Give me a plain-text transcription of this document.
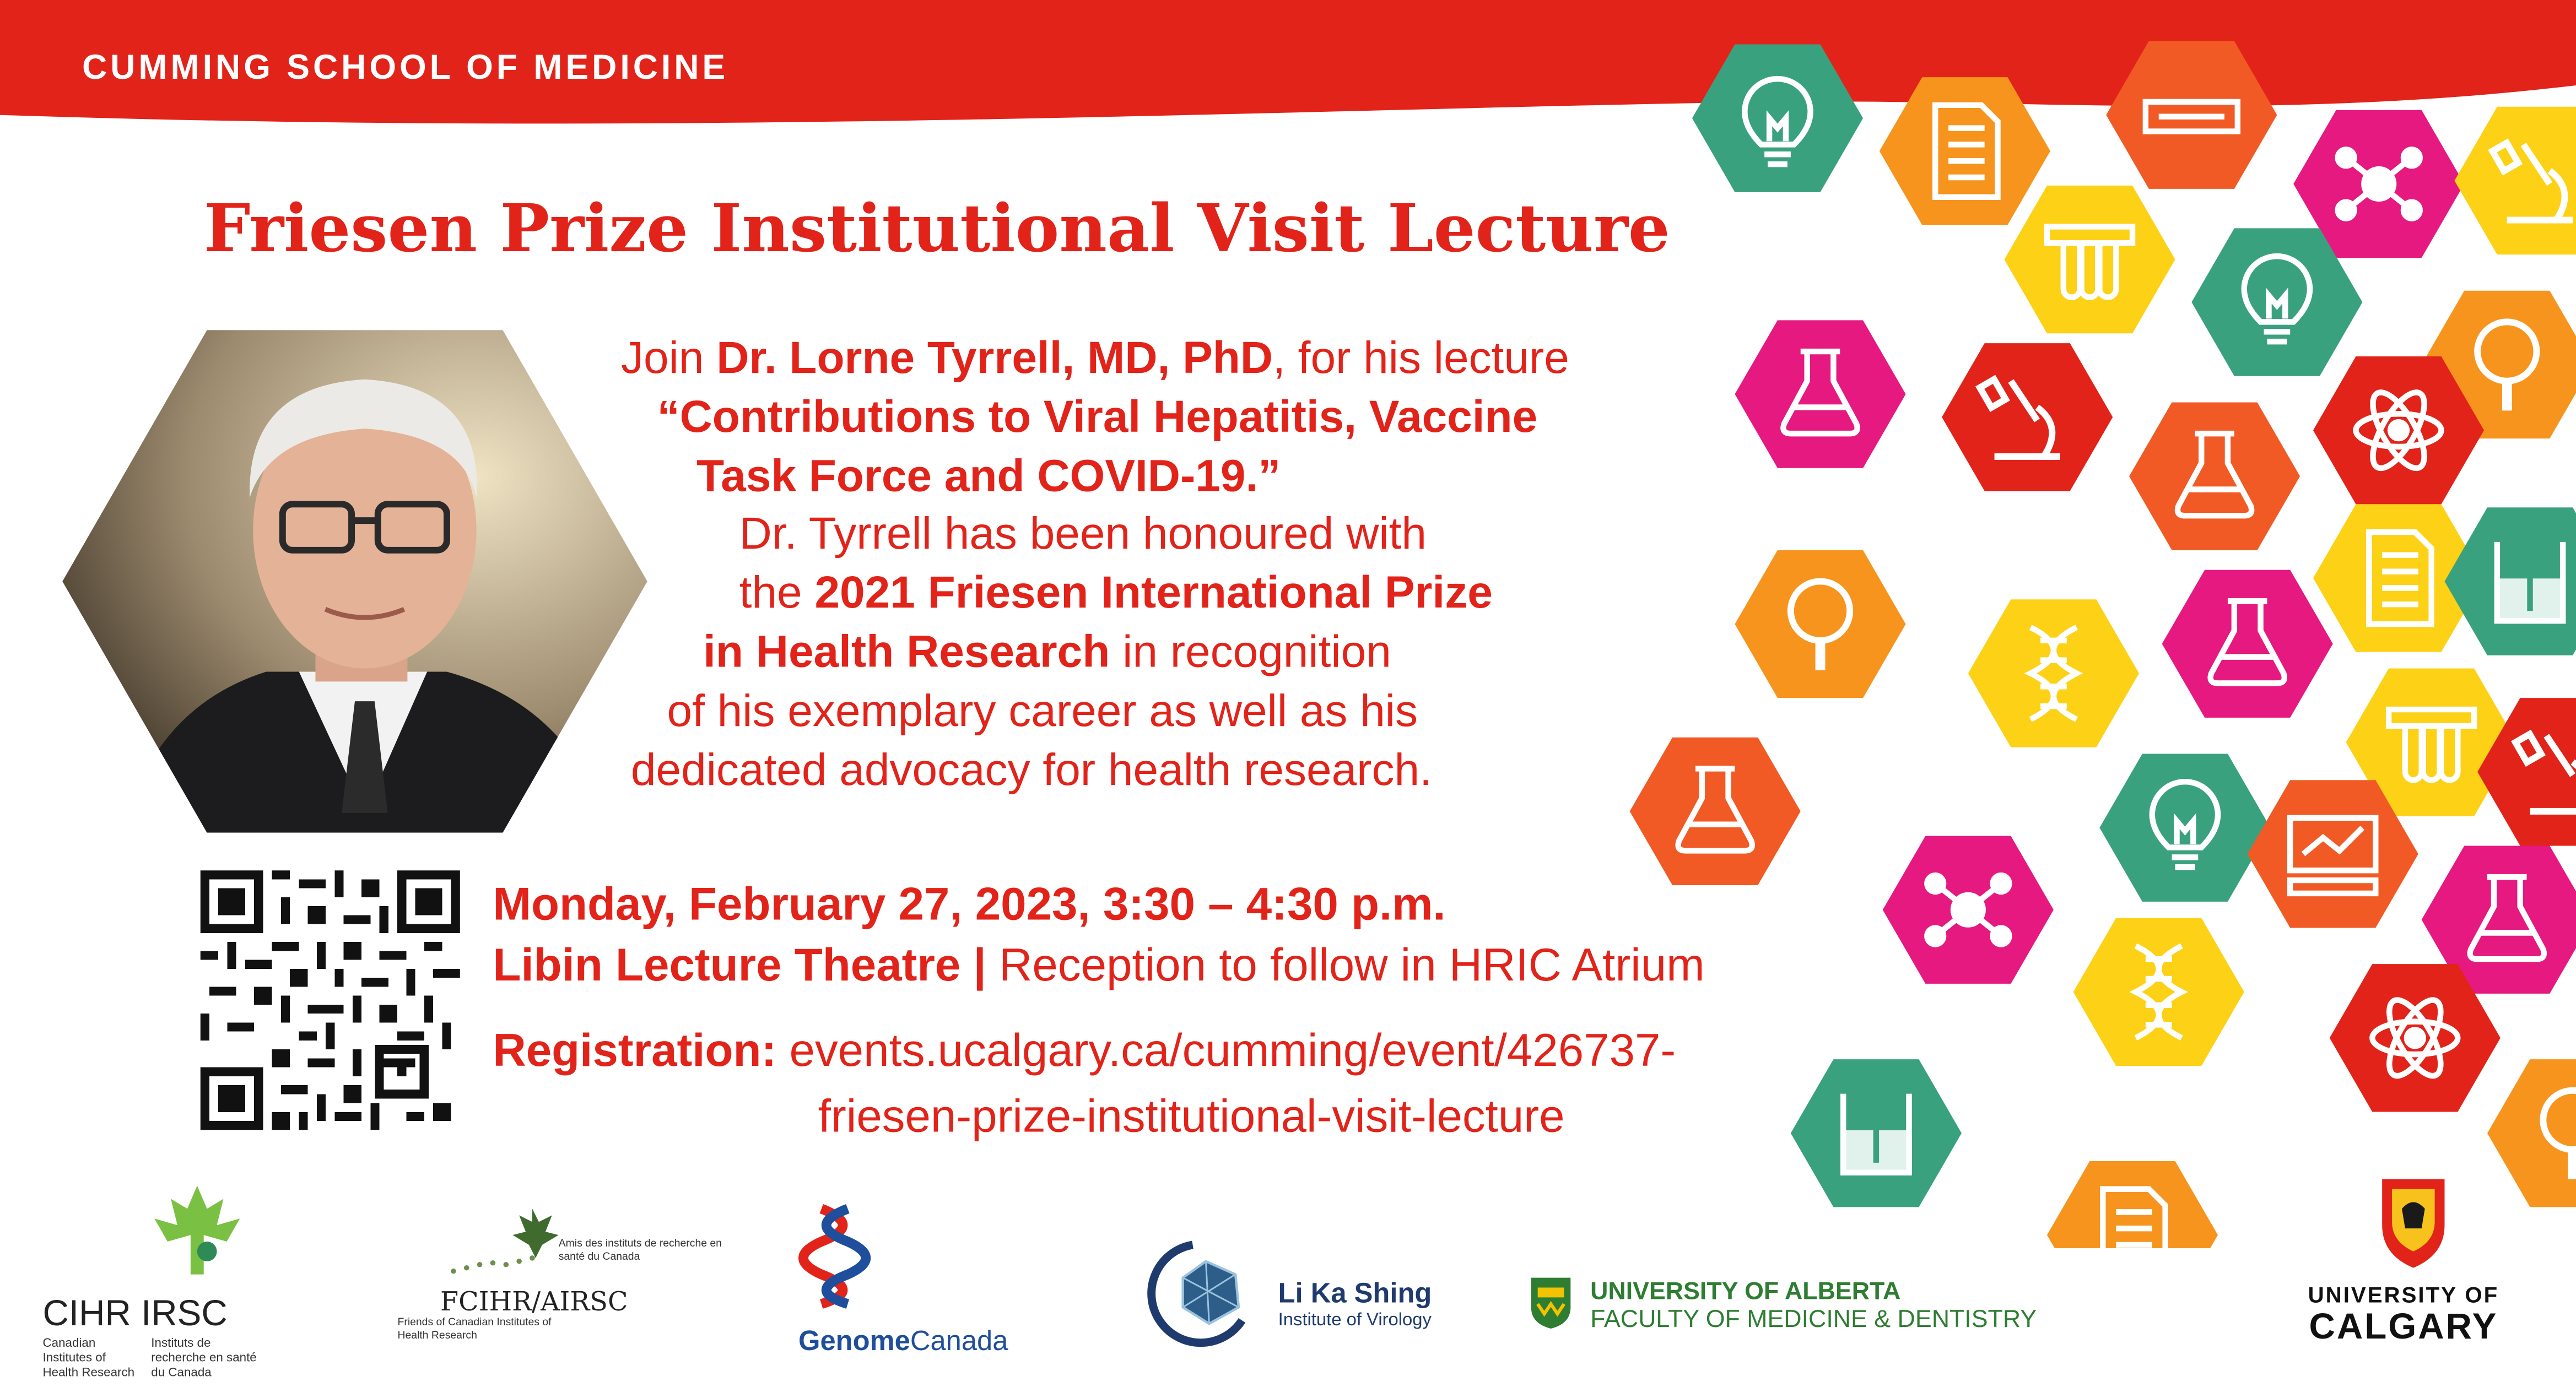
CUMMING SCHOOL OF MEDICINE
Friesen Prize Institutional Visit Lecture
Join Dr. Lorne Tyrrell, MD, PhD, for his lecture
“Contributions to Viral Hepatitis, Vaccine
Task Force and COVID-19.”
Dr. Tyrrell has been honoured with
the 2021 Friesen International Prize
in Health Research in recognition
of his exemplary career as well as his
dedicated advocacy for health research.
Monday, February 27, 2023, 3:30 – 4:30 p.m.
Libin Lecture Theatre | Reception to follow in HRIC Atrium
Registration: events.ucalgary.ca/cumming/event/426737-
friesen-prize-institutional-visit-lecture
CIHR IRSC
Canadian Institutes of Health Research
Instituts de recherche en santé du Canada
Amis des instituts de recherche en santé du Canada
FCIHR/AIRSC
Friends of Canadian Institutes of Health Research	GenomeCanada
Li Ka Shing
Institute of Virology
UNIVERSITY OF ALBERTA
FACULTY OF MEDICINE & DENTISTRY
UNIVERSITY OF
CALGARY
